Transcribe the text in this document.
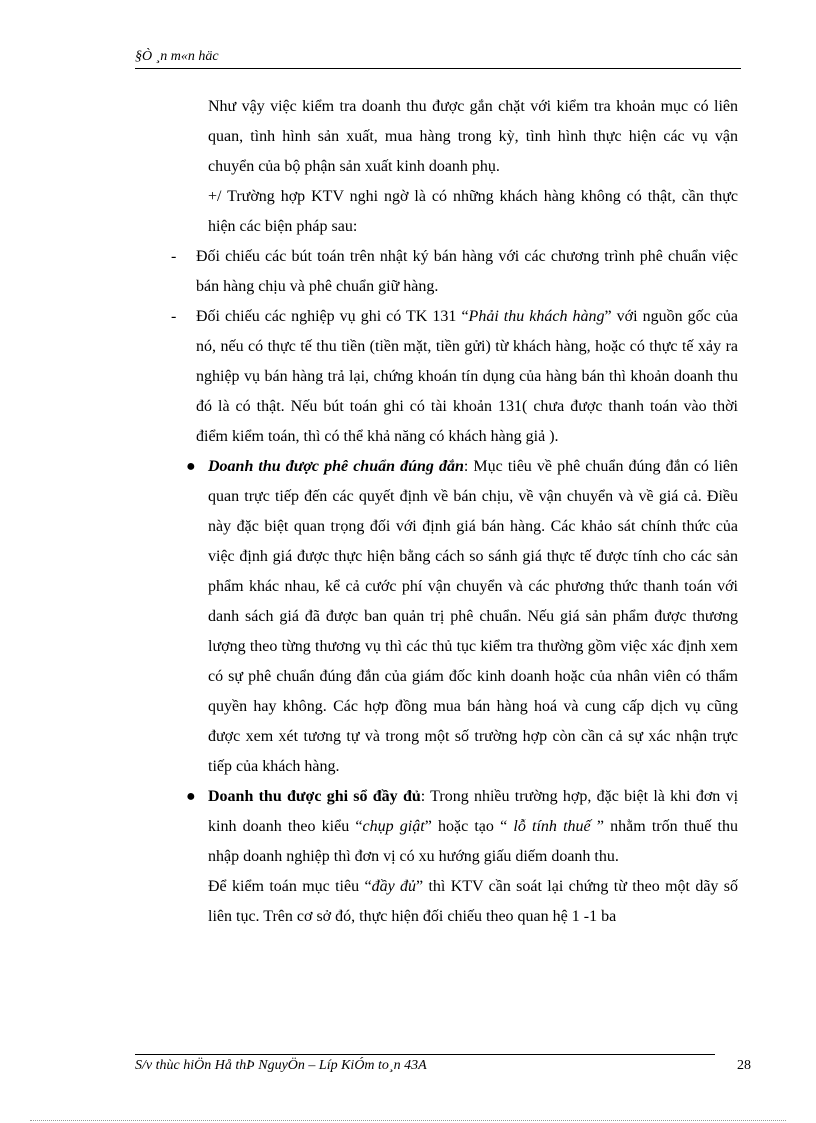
§Ò ¸n m«n häc

Như vậy việc kiểm tra doanh thu được gắn chặt với kiểm tra khoản mục có liên quan, tình hình sản xuất, mua hàng trong kỳ, tình hình thực hiện các vụ vận chuyển của bộ phận sản xuất kinh doanh phụ.

+/ Trường hợp KTV nghi ngờ là có những khách hàng không có thật, cần thực hiện các biện pháp sau:

- Đối chiếu các bút toán trên nhật ký bán hàng với các chương trình phê chuẩn việc bán hàng chịu và phê chuẩn giữ hàng.

- Đối chiếu các nghiệp vụ ghi có TK 131 “Phải thu khách hàng” với nguồn gốc của nó, nếu có thực tế thu tiền (tiền mặt, tiền gửi) từ khách hàng, hoặc có thực tế xảy ra nghiệp vụ bán hàng trả lại, chứng khoán tín dụng của hàng bán thì khoản doanh thu đó là có thật. Nếu bút toán ghi có tài khoản 131( chưa được thanh toán vào thời điểm kiểm toán, thì có thể khả năng có khách hàng giả ).

● Doanh thu được phê chuẩn đúng đắn: Mục tiêu về phê chuẩn đúng đắn có liên quan trực tiếp đến các quyết định về bán chịu, về vận chuyển và về giá cả. Điều này đặc biệt quan trọng đối với định giá bán hàng. Các khảo sát chính thức của việc định giá được thực hiện bằng cách so sánh giá thực tế được tính cho các sản phẩm khác nhau, kể cả cước phí vận chuyển và các phương thức thanh toán với danh sách giá đã được ban quản trị phê chuẩn. Nếu giá sản phẩm được thương lượng theo từng thương vụ thì các thủ tục kiểm tra thường gồm việc xác định xem có sự phê chuẩn đúng đắn của giám đốc kinh doanh hoặc của nhân viên có thẩm quyền hay không. Các hợp đồng mua bán hàng hoá và cung cấp dịch vụ cũng được xem xét tương tự và trong một số trường hợp còn cần cả sự xác nhận trực tiếp của khách hàng.

● Doanh thu được ghi sổ đầy đủ: Trong nhiều trường hợp, đặc biệt là khi đơn vị kinh doanh theo kiểu “chụp giật” hoặc tạo “ lỗ tính thuế ” nhằm trốn thuế thu nhập doanh nghiệp thì đơn vị có xu hướng giấu diếm doanh thu.

Để kiểm toán mục tiêu “đầy đủ” thì KTV cần soát lại chứng từ theo một dãy số liên tục. Trên cơ sở đó, thực hiện đối chiếu theo quan hệ 1 -1 ba

S/v thùc hiÖn Hå thÞ NguyÖn – Líp KiÓm to¸n 43A	28
